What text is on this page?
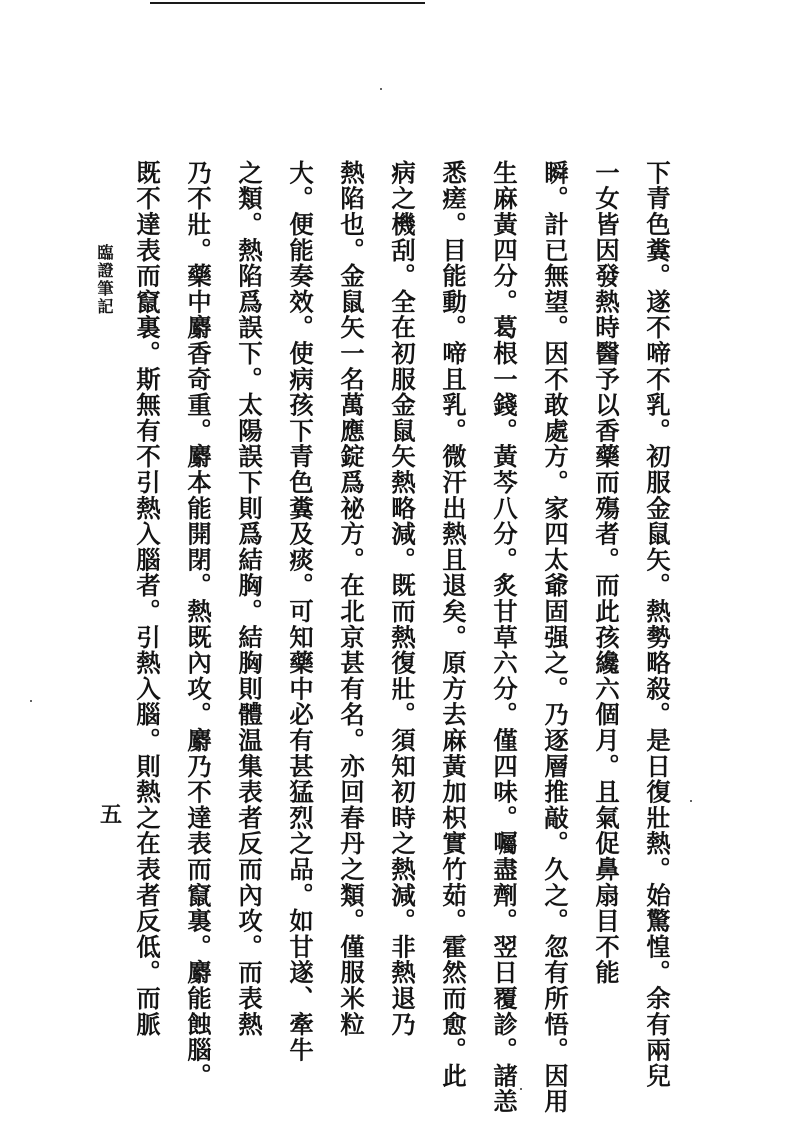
下青色糞。遂不啼不乳。初服金鼠矢。熱勢略殺。是日復壯熱。始驚惶。余有兩兒
一女皆因發熱時醫予以香藥而殤者。而此孩纔六個月。且氣促鼻扇目不能
瞬。計已無望。因不敢處方。家四太爺固强之。乃逐層推敲。久之。忽有所悟。因用
生麻黃四分。葛根一錢。黃芩八分。炙甘草六分。僅四味。囑盡劑。翌日覆診。諸恙
悉瘥。目能動。啼且乳。微汗出熱且退矣。原方去麻黃加枳實竹茹。霍然而愈。此
病之機刮。全在初服金鼠矢熱略減。既而熱復壯。須知初時之熱減。非熱退乃
熱陷也。金鼠矢一名萬應錠爲祕方。在北京甚有名。亦回春丹之類。僅服米粒
大。便能奏效。使病孩下青色糞及痰。可知藥中必有甚猛烈之品。如甘遂、牽牛
之類。熱陷爲誤下。太陽誤下則爲結胸。結胸則體温集表者反而內攻。而表熱
乃不壯。藥中麝香奇重。麝本能開閉。熱既內攻。麝乃不達表而竄裏。麝能蝕腦。
既不達表而竄裏。斯無有不引熱入腦者。引熱入腦。則熱之在表者反低。而脈
臨證筆記
五
